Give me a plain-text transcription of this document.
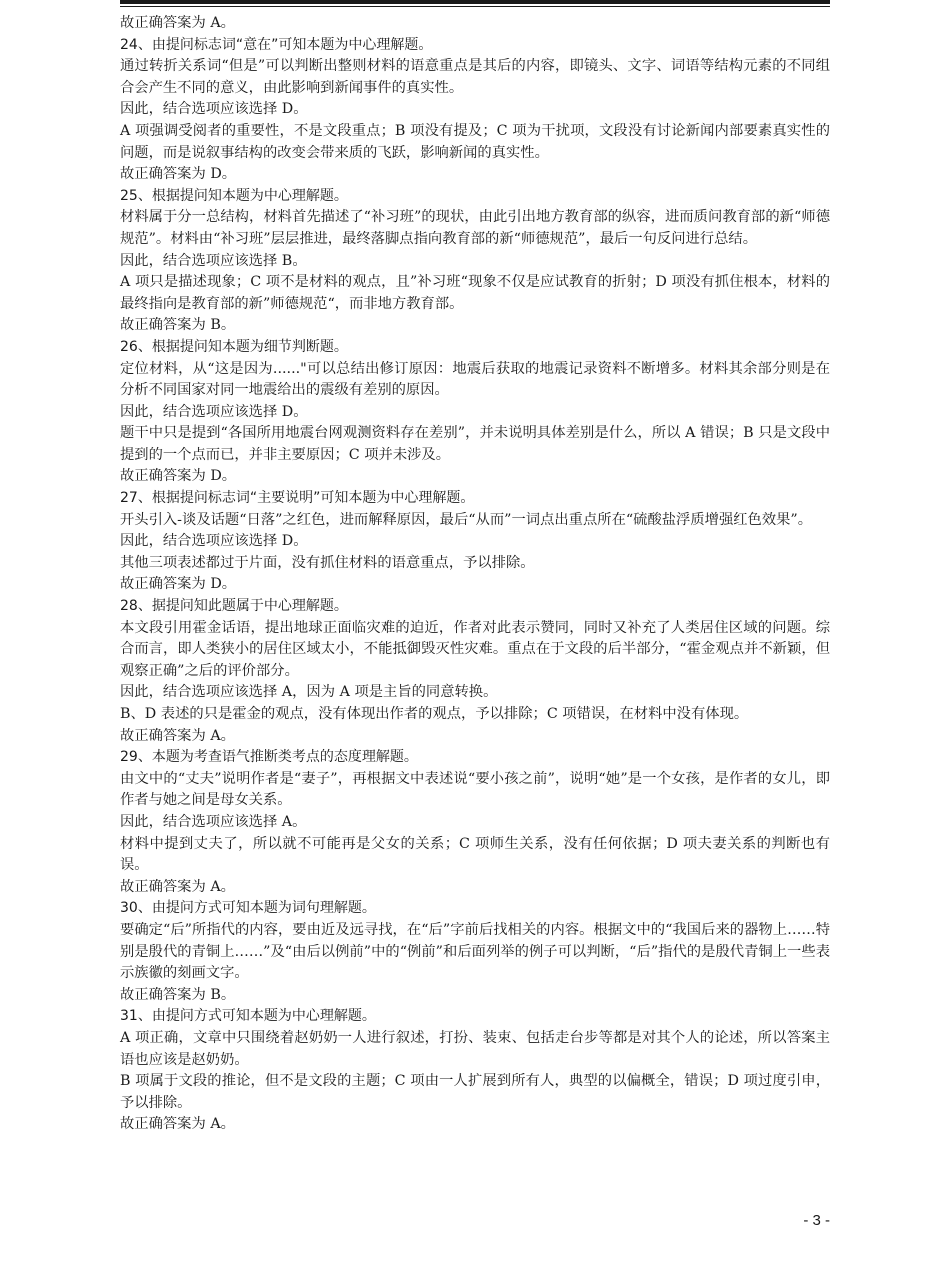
故正确答案为 A。
24、由提问标志词“意在”可知本题为中心理解题。
通过转折关系词“但是”可以判断出整则材料的语意重点是其后的内容，即镜头、文字、词语等结构元素的不同组合会产生不同的意义，由此影响到新闻事件的真实性。
因此，结合选项应该选择 D。
A 项强调受阅者的重要性，不是文段重点；B 项没有提及；C 项为干扰项，文段没有讨论新闻内部要素真实性的问题，而是说叙事结构的改变会带来质的飞跃，影响新闻的真实性。
故正确答案为 D。
25、根据提问知本题为中心理解题。
材料属于分一总结构，材料首先描述了“补习班”的现状，由此引出地方教育部的纵容，进而质问教育部的新“师德规范”。材料由“补习班”层层推进，最终落脚点指向教育部的新“师德规范”，最后一句反问进行总结。
因此，结合选项应该选择 B。
A 项只是描述现象；C 项不是材料的观点，且”补习班“现象不仅是应试教育的折射；D 项没有抓住根本，材料的最终指向是教育部的新”师德规范“，而非地方教育部。
故正确答案为 B。
26、根据提问知本题为细节判断题。
定位材料，从“这是因为......"可以总结出修订原因：地震后获取的地震记录资料不断增多。材料其余部分则是在分析不同国家对同一地震给出的震级有差别的原因。
因此，结合选项应该选择 D。
题干中只是提到“各国所用地震台网观测资料存在差别”，并未说明具体差别是什么，所以 A 错误；B 只是文段中提到的一个点而已，并非主要原因；C 项并未涉及。
故正确答案为 D。
27、根据提问标志词“主要说明”可知本题为中心理解题。
开头引入-谈及话题“日落”之红色，进而解释原因，最后“从而”一词点出重点所在“硫酸盐浮质增强红色效果”。
因此，结合选项应该选择 D。
其他三项表述都过于片面，没有抓住材料的语意重点，予以排除。
故正确答案为 D。
28、据提问知此题属于中心理解题。
本文段引用霍金话语，提出地球正面临灾难的迫近，作者对此表示赞同，同时又补充了人类居住区域的问题。综合而言，即人类狭小的居住区域太小，不能抵御毁灭性灾难。重点在于文段的后半部分，“霍金观点并不新颖，但观察正确”之后的评价部分。
因此，结合选项应该选择 A，因为 A 项是主旨的同意转换。
B、D 表述的只是霍金的观点，没有体现出作者的观点，予以排除；C 项错误，在材料中没有体现。
故正确答案为 A。
29、本题为考查语气推断类考点的态度理解题。
由文中的“丈夫”说明作者是“妻子”，再根据文中表述说“要小孩之前”，说明“她”是一个女孩，是作者的女儿，即作者与她之间是母女关系。
因此，结合选项应该选择 A。
材料中提到丈夫了，所以就不可能再是父女的关系；C 项师生关系，没有任何依据；D 项夫妻关系的判断也有误。
故正确答案为 A。
30、由提问方式可知本题为词句理解题。
要确定“后”所指代的内容，要由近及远寻找，在“后”字前后找相关的内容。根据文中的“我国后来的器物上……特别是殷代的青铜上……”及“由后以例前”中的“例前”和后面列举的例子可以判断，“后”指代的是殷代青铜上一些表示族徽的刻画文字。
故正确答案为 B。
31、由提问方式可知本题为中心理解题。
A 项正确，文章中只围绕着赵奶奶一人进行叙述，打扮、装束、包括走台步等都是对其个人的论述，所以答案主语也应该是赵奶奶。
B 项属于文段的推论，但不是文段的主题；C 项由一人扩展到所有人，典型的以偏概全，错误；D 项过度引申，予以排除。
故正确答案为 A。
- 3 -
